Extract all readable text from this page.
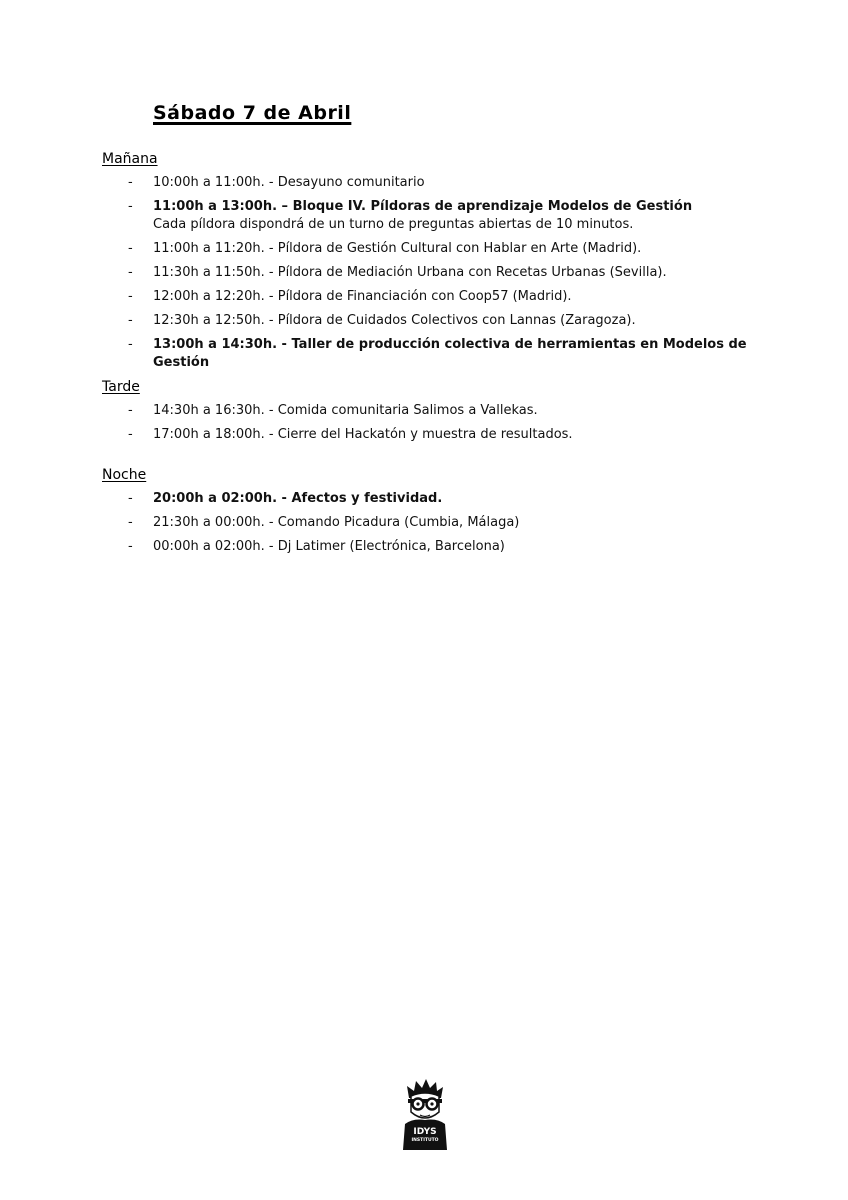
Sábado 7 de Abril
Mañana
- 10:00h a 11:00h. - Desayuno comunitario
- 11:00h a 13:00h. – Bloque IV. Píldoras de aprendizaje Modelos de Gestión
Cada píldora dispondrá de un turno de preguntas abiertas de 10 minutos.
- 11:00h a 11:20h. - Píldora de Gestión Cultural con Hablar en Arte (Madrid).
- 11:30h a 11:50h. - Píldora de Mediación Urbana con Recetas Urbanas (Sevilla).
- 12:00h a 12:20h. - Píldora de Financiación con Coop57 (Madrid).
- 12:30h a 12:50h. - Píldora de Cuidados Colectivos con Lannas (Zaragoza).
- 13:00h a 14:30h. - Taller de producción colectiva de herramientas en Modelos de Gestión
Tarde
- 14:30h a 16:30h. - Comida comunitaria Salimos a Vallekas.
- 17:00h a 18:00h. - Cierre del Hackatón y muestra de resultados.
Noche
- 20:00h a 02:00h. - Afectos y festividad.
- 21:30h a 00:00h. - Comando Picadura (Cumbia, Málaga)
- 00:00h a 02:00h. - Dj Latimer (Electrónica, Barcelona)
IDYS
INSTITUTO
